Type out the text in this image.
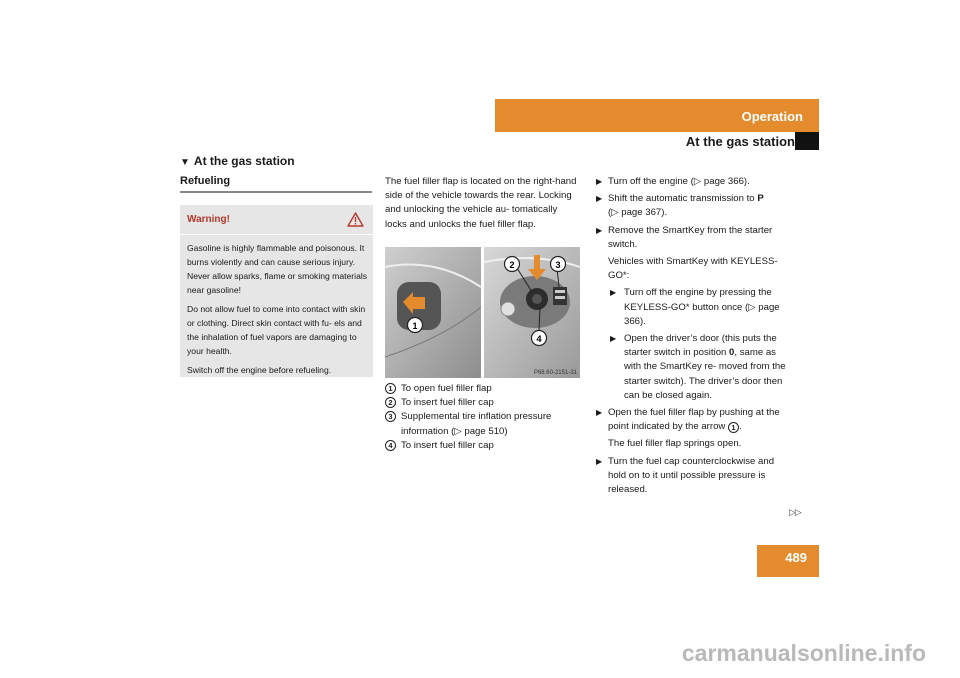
Operation
At the gas station
▼ At the gas station
Refueling
Warning!

Gasoline is highly flammable and poisonous. It burns violently and can cause serious injury. Never allow sparks, flame or smoking materials near gasoline!

Do not allow fuel to come into contact with skin or clothing. Direct skin contact with fu- els and the inhalation of fuel vapors are damaging to your health.

Switch off the engine before refueling.

The fuel filler flap is located on the right-hand side of the vehicle towards the rear. Locking and unlocking the vehicle au- tomatically locks and unlocks the fuel filler flap.
1
2	3
4
P68.60-2151-31
1 To open fuel filler flap
2 To insert fuel filler cap
3 Supplemental tire inflation pressure information (▷ page 510)
4 To insert fuel filler cap
▶ Turn off the engine (▷ page 366).
▶ Shift the automatic transmission to P
(▷ page 367).
▶ Remove the SmartKey from the starter switch.
Vehicles with SmartKey with KEYLESS-GO*:
▶ Turn off the engine by pressing the KEYLESS-GO* button once (▷ page 366).
▶ Open the driver’s door (this puts the starter switch in position 0, same as with the SmartKey re- moved from the starter switch). The driver’s door then can be closed again.
▶ Open the fuel filler flap by pushing at the point indicated by the arrow 1 .
The fuel filler flap springs open.
▶ Turn the fuel cap counterclockwise and hold on to it until possible pressure is released.
▷▷
489
carmanualsonline.info
